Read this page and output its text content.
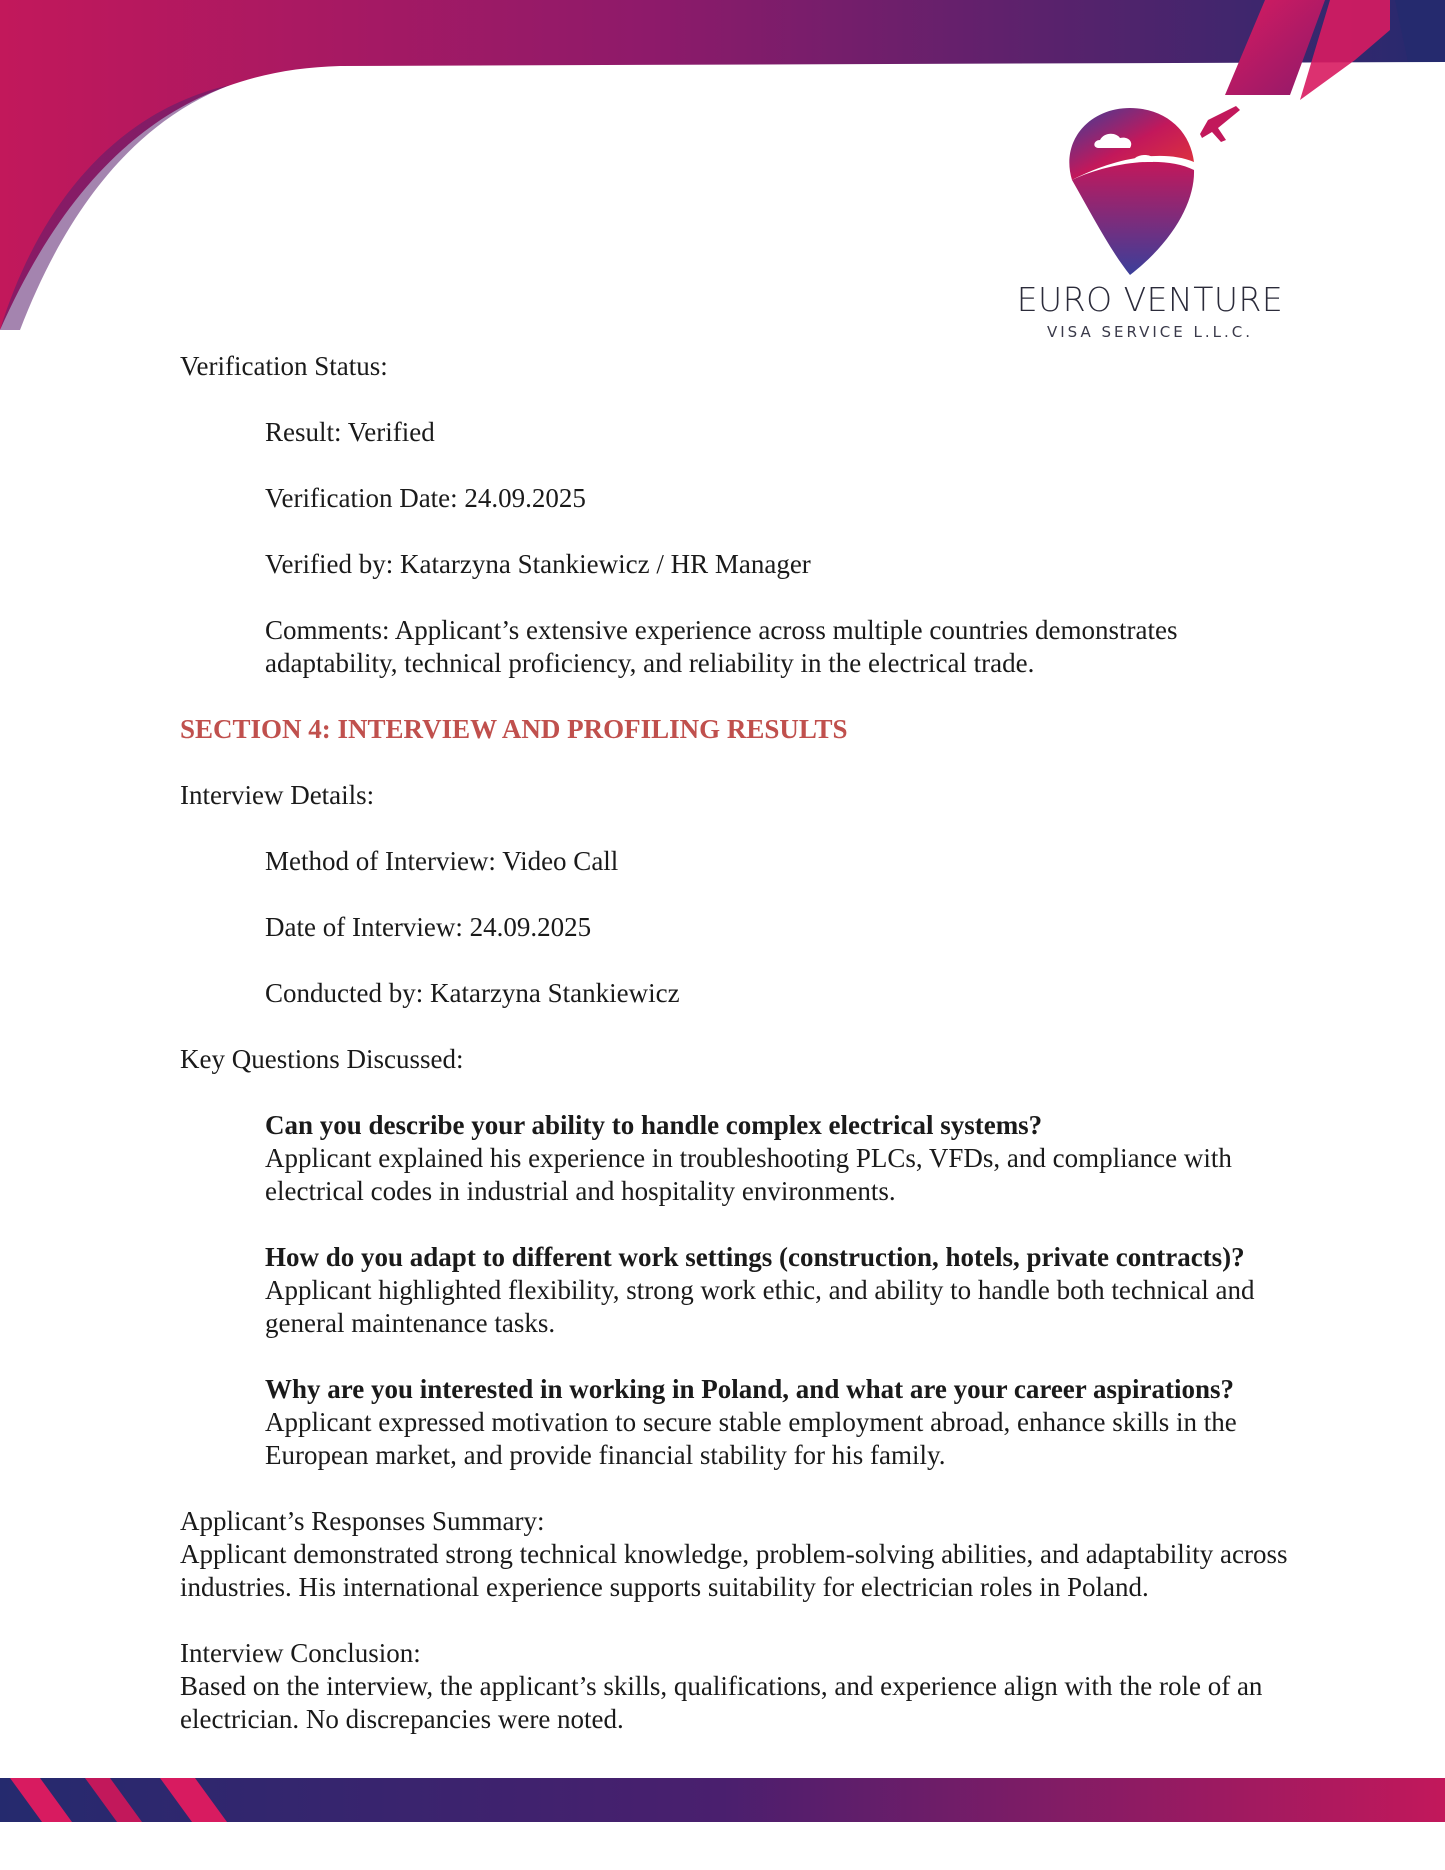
EURO VENTURE
VISA SERVICE L.L.C.

Verification Status:

Result: Verified

Verification Date: 24.09.2025

Verified by: Katarzyna Stankiewicz / HR Manager

Comments: Applicant’s extensive experience across multiple countries demonstrates

adaptability, technical proficiency, and reliability in the electrical trade.

SECTION 4: INTERVIEW AND PROFILING RESULTS

Interview Details:

Method of Interview: Video Call

Date of Interview: 24.09.2025

Conducted by: Katarzyna Stankiewicz

Key Questions Discussed:

Can you describe your ability to handle complex electrical systems?

Applicant explained his experience in troubleshooting PLCs, VFDs, and compliance with

electrical codes in industrial and hospitality environments.

How do you adapt to different work settings (construction, hotels, private contracts)?

Applicant highlighted flexibility, strong work ethic, and ability to handle both technical and

general maintenance tasks.

Why are you interested in working in Poland, and what are your career aspirations?

Applicant expressed motivation to secure stable employment abroad, enhance skills in the

European market, and provide financial stability for his family.

Applicant’s Responses Summary:

Applicant demonstrated strong technical knowledge, problem-solving abilities, and adaptability across

industries. His international experience supports suitability for electrician roles in Poland.

Interview Conclusion:

Based on the interview, the applicant’s skills, qualifications, and experience align with the role of an

electrician. No discrepancies were noted.
